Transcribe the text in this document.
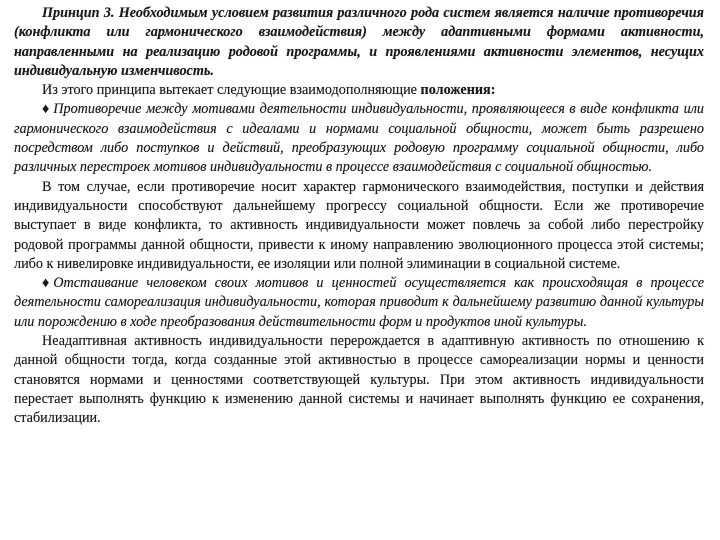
Принцип 3. Необходимым условием развития различного рода систем является наличие противоречия (конфликта или гармонического взаимодействия) между адаптивными формами активности, направленными на реализацию родовой программы, и проявлениями активности элементов, несущих индивидуальную изменчивость.

Из этого принципа вытекает следующие взаимодополняющие положения:

♦ Противоречие между мотивами деятельности индивидуальности, проявляющееся в виде конфликта или гармонического взаимодействия с идеалами и нормами социальной общности, может быть разрешено посредством либо поступков и действий, преобразующих родовую программу социальной общности, либо различных перестроек мотивов индивидуальности в процессе взаимодействия с социальной общностью.

В том случае, если противоречие носит характер гармонического взаимодействия, поступки и действия индивидуальности способствуют дальнейшему прогрессу социальной общности. Если же противоречие выступает в виде конфликта, то активность индивидуальности может повлечь за собой либо перестройку родовой программы данной общности, привести к иному направлению эволюционного процесса этой системы; либо к нивелировке индивидуальности, ее изоляции или полной элиминации в социальной системе.

♦ Отстаивание человеком своих мотивов и ценностей осуществляется как происходящая в процессе деятельности самореализация индивидуальности, которая приводит к дальнейшему развитию данной культуры или порождению в ходе преобразования действительности форм и продуктов иной культуры.

Неадаптивная активность индивидуальности перерождается в адаптивную активность по отношению к данной общности тогда, когда созданные этой активностью в процессе самореализации нормы и ценности становятся нормами и ценностями соответствующей культуры. При этом активность индивидуальности перестает выполнять функцию к изменению данной системы и начинает выполнять функцию ее сохранения, стабилизации.
